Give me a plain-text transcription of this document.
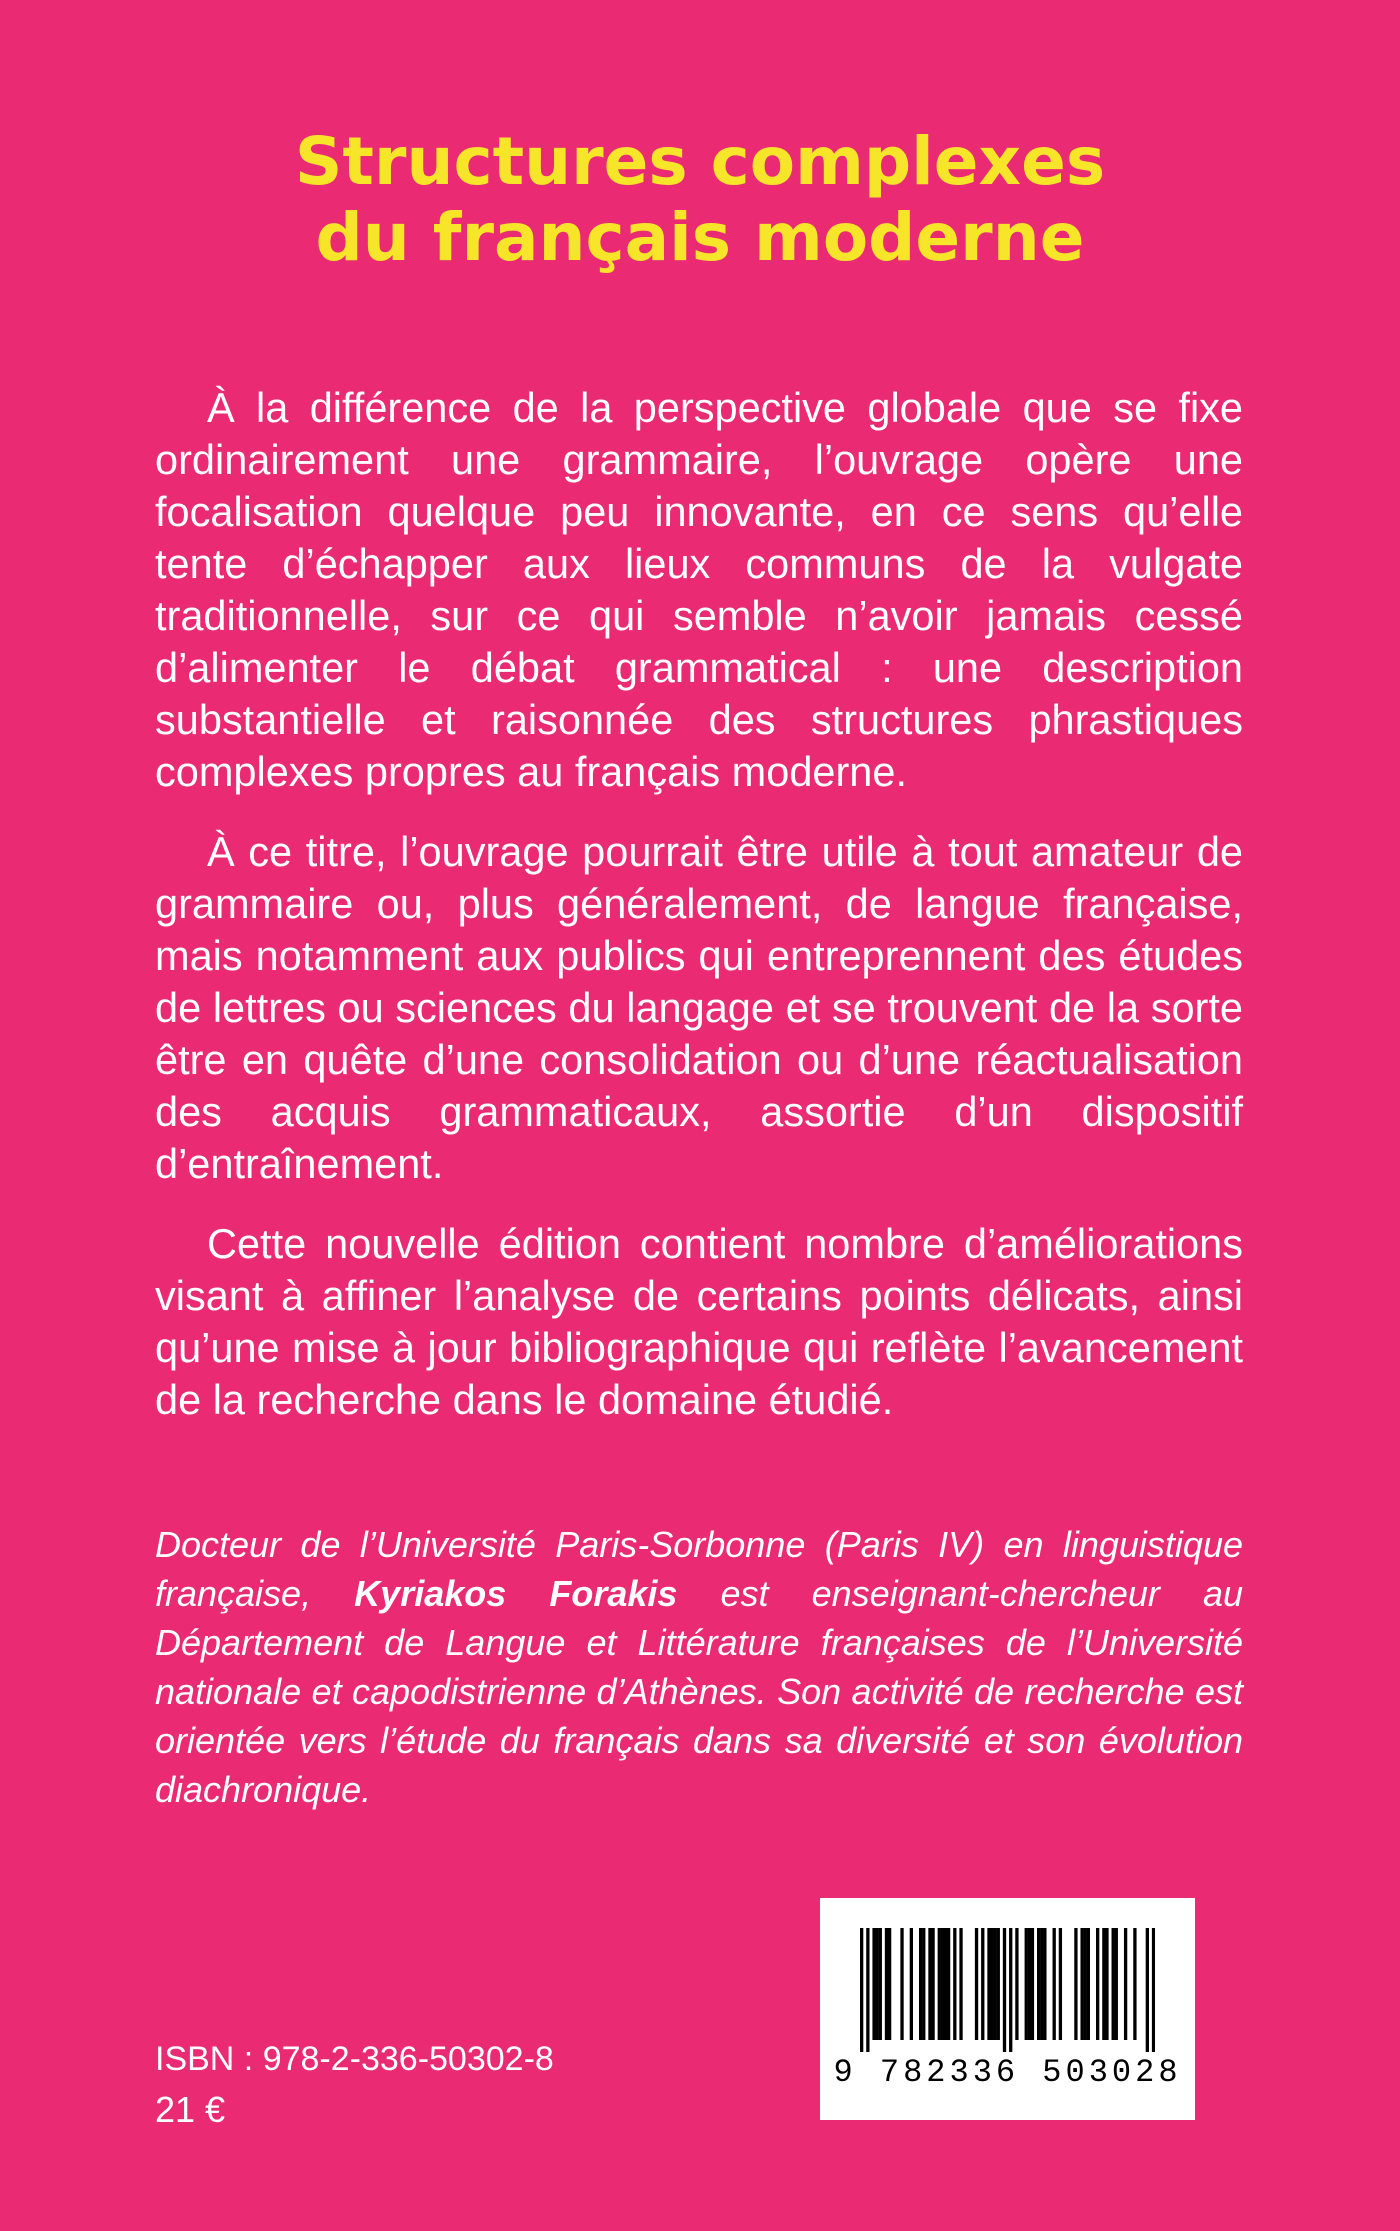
Structures complexes
du français moderne

À la différence de la perspective globale que se fixe ordinairement une grammaire, l’ouvrage opère une focalisation quelque peu innovante, en ce sens qu’elle tente d’échapper aux lieux communs de la vulgate traditionnelle, sur ce qui semble n’avoir jamais cessé d’alimenter le débat grammatical : une description substantielle et raisonnée des structures phrastiques complexes propres au français moderne.

À ce titre, l’ouvrage pourrait être utile à tout amateur de grammaire ou, plus généralement, de langue française, mais notamment aux publics qui entreprennent des études de lettres ou sciences du langage et se trouvent de la sorte être en quête d’une consolidation ou d’une réactualisation des acquis grammaticaux, assortie d’un dispositif d’entraînement.

Cette nouvelle édition contient nombre d’améliorations visant à affiner l’analyse de certains points délicats, ainsi qu’une mise à jour bibliographique qui reflète l’avancement de la recherche dans le domaine étudié.

Docteur de l’Université Paris-Sorbonne (Paris IV) en linguistique française, Kyriakos Forakis est enseignant-chercheur au Département de Langue et Littérature françaises de l’Université nationale et capodistrienne d’Athènes. Son activité de recherche est orientée vers l’étude du français dans sa diversité et son évolution diachronique.

9 782336 503028

ISBN : 978-2-336-50302-8

21 €
